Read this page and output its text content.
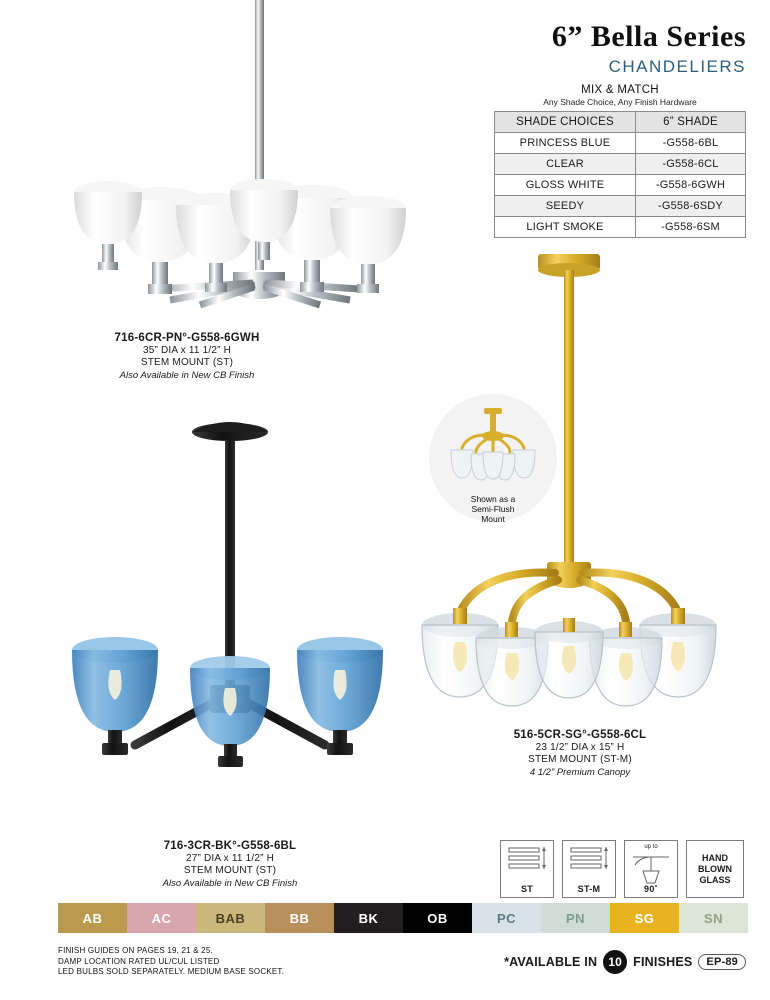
6” Bella Series
CHANDELIERS
MIX & MATCH
Any Shade Choice, Any Finish Hardware
SHADE CHOICES	6” SHADE
PRINCESS BLUE	-G558-6BL
CLEAR	-G558-6CL
GLOSS WHITE	-G558-6GWH
SEEDY	-G558-6SDY
LIGHT SMOKE	-G558-6SM
716-6CR-PN°-G558-6GWH
35” DIA x 11 1/2” H
STEM MOUNT (ST)
Also Available in New CB Finish
716-3CR-BK°-G558-6BL
27” DIA x 11 1/2” H
STEM MOUNT (ST)
Also Available in New CB Finish
Shown as a
Semi-Flush
Mount
516-5CR-SG°-G558-6CL
23 1/2” DIA x 15” H
STEM MOUNT (ST-M)
4 1/2” Premium Canopy
ST	ST-M
up to
90˚
HAND
BLOWN
GLASS
AB	AC	BAB	BB	BK	OB	PC	PN	SG	SN
FINISH GUIDES ON PAGES 19, 21 & 25.
DAMP LOCATION RATED UL/CUL LISTED
LED BULBS SOLD SEPARATELY. MEDIUM BASE SOCKET.
*AVAILABLE IN 10 FINISHES	EP-89
